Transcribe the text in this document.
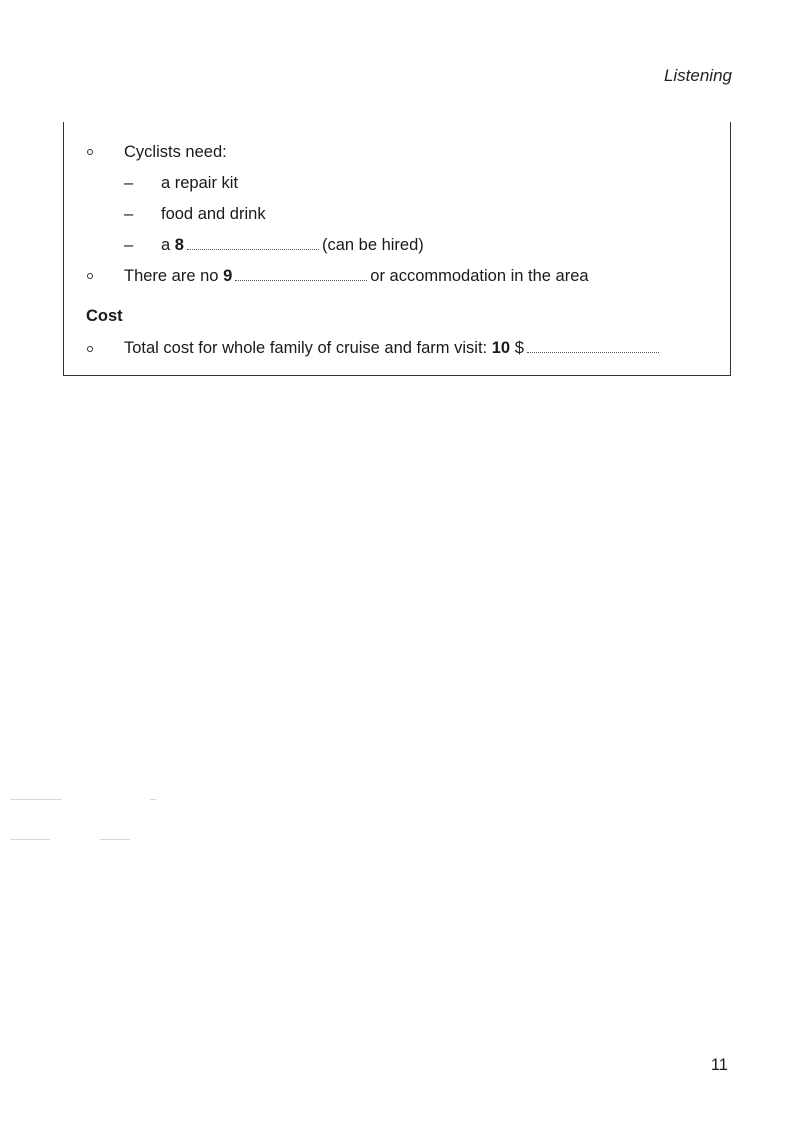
Listening
Cyclists need:
– a repair kit
– food and drink
– a 8	(can be hired)
There are no 9	or accommodation in the area
Cost
Total cost for whole family of cruise and farm visit: 10 $
11
